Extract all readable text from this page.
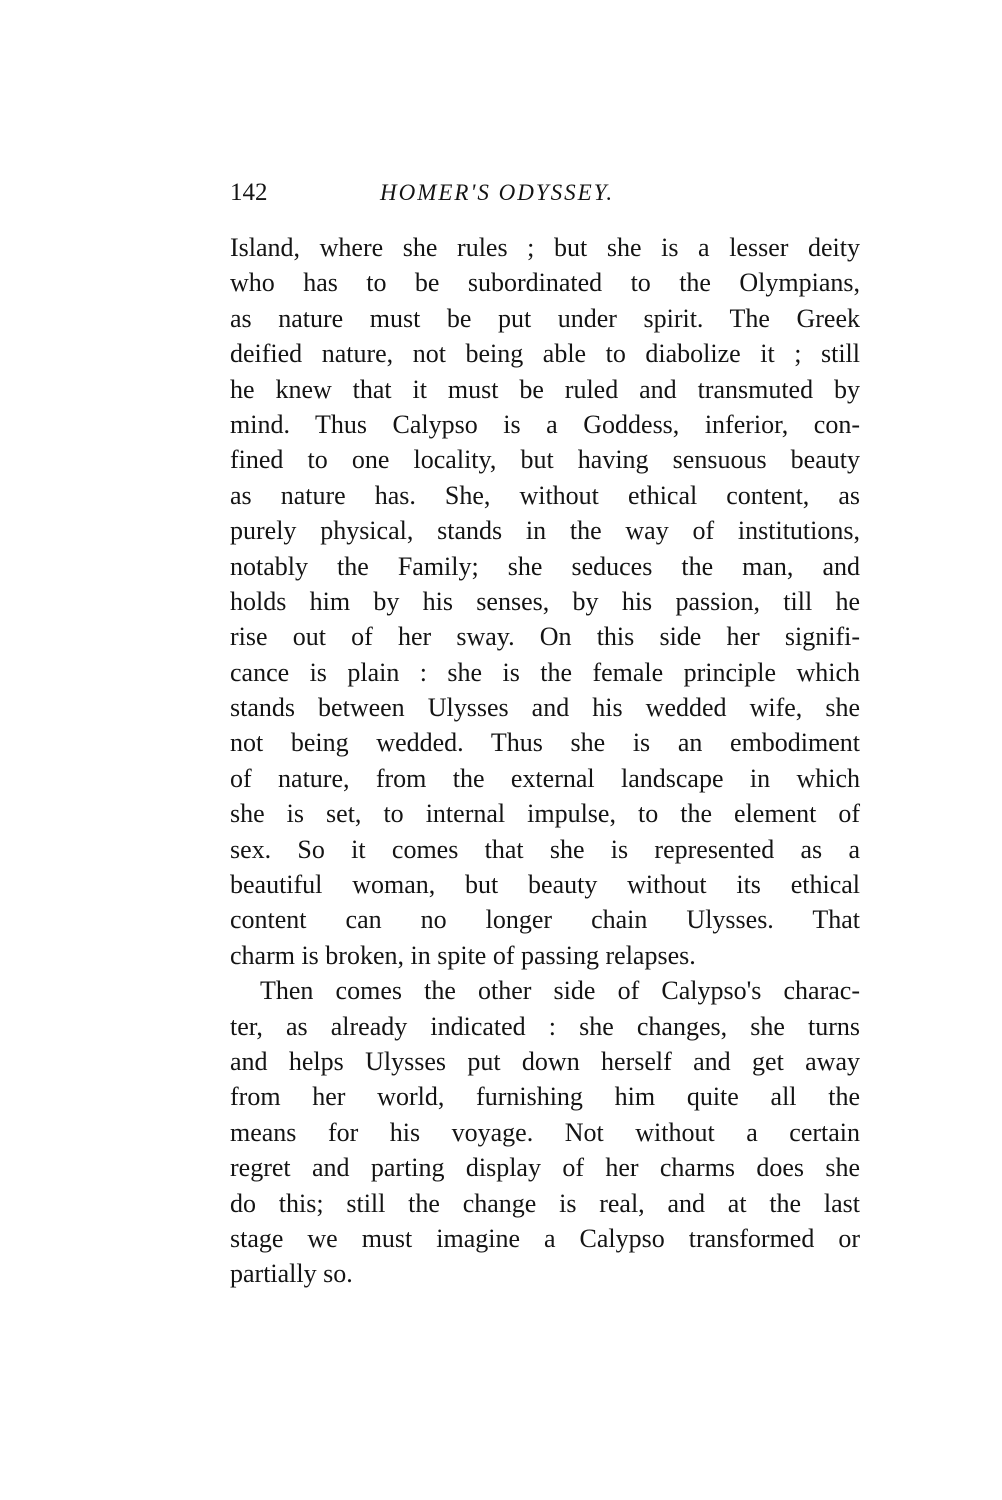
142	HOMER'S ODYSSEY.
Island, where she rules ; but she is a lesser deity
who has to be subordinated to the Olympians,
as nature must be put under spirit. The Greek
deified nature, not being able to diabolize it ; still
he knew that it must be ruled and transmuted by
mind. Thus Calypso is a Goddess, inferior, con-
fined to one locality, but having sensuous beauty
as nature has. She, without ethical content, as
purely physical, stands in the way of institutions,
notably the Family; she seduces the man, and
holds him by his senses, by his passion, till he
rise out of her sway. On this side her signifi-
cance is plain : she is the female principle which
stands between Ulysses and his wedded wife, she
not being wedded. Thus she is an embodiment
of nature, from the external landscape in which
she is set, to internal impulse, to the element of
sex. So it comes that she is represented as a
beautiful woman, but beauty without its ethical
content can no longer chain Ulysses. That
charm is broken, in spite of passing relapses.
Then comes the other side of Calypso's charac-
ter, as already indicated : she changes, she turns
and helps Ulysses put down herself and get away
from her world, furnishing him quite all the
means for his voyage. Not without a certain
regret and parting display of her charms does she
do this; still the change is real, and at the last
stage we must imagine a Calypso transformed or
partially so.
